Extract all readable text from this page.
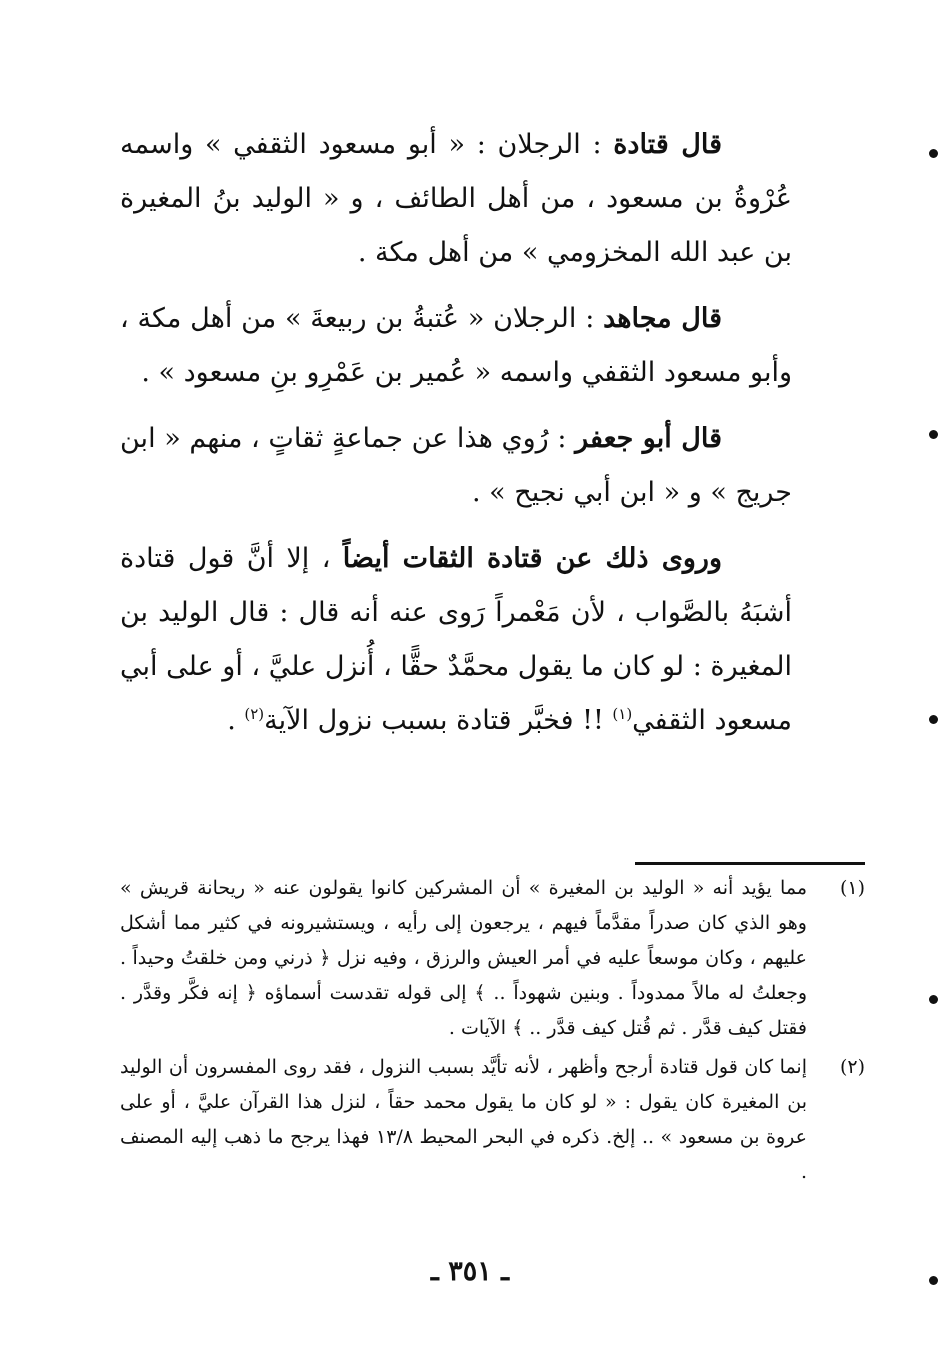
قال قتادة : الرجلان : « أبو مسعود الثقفي » واسمه عُرْوةُ بن مسعود ، من أهل الطائف ، و « الوليد بنُ المغيرة بن عبد الله المخزومي » من أهل مكة .

قال مجاهد : الرجلان « عُتبةُ بن ربيعةَ » من أهل مكة ، وأبو مسعود الثقفي واسمه « عُمير بن عَمْرِو بنِ مسعود » .

قال أبو جعفر : رُوي هذا عن جماعةٍ ثقاتٍ ، منهم « ابن جريج » و « ابن أبي نجيح » .

وروى ذلك عن قتادة الثقات أيضاً ، إلا أنَّ قول قتادة أشبَهُ بالصَّواب ، لأن مَعْمراً رَوى عنه أنه قال : قال الوليد بن المغيرة : لو كان ما يقول محمَّدٌ حقًّا ، أُنزل عليَّ ، أو على أبي مسعود الثقفي$^{(١)}$ !! فخبَّر قتادة بسبب نزول الآية$^{(٢)}$ .

(١)
مما يؤيد أنه « الوليد بن المغيرة » أن المشركين كانوا يقولون عنه « ريحانة قريش » وهو الذي كان صدراً مقدَّماً فيهم ، يرجعون إلى رأيه ، ويستشيرونه في كثير مما أشكل عليهم ، وكان موسعاً عليه في أمر العيش والرزق ، وفيه نزل ﴿ ذرني ومن خلقتُ وحيداً . وجعلتُ له مالاً ممدوداً . وبنين شهوداً .. ﴾ إلى قوله تقدست أسماؤه ﴿ إنه فكَّر وقدَّر . فقتل كيف قدَّر . ثم قُتل كيف قدَّر .. ﴾ الآيات .
(٢)
إنما كان قول قتادة أرجح وأظهر ، لأنه تأيَّد بسبب النزول ، فقد روى المفسرون أن الوليد بن المغيرة كان يقول : « لو كان ما يقول محمد حقاً ، لنزل هذا القرآن عليَّ ، أو على عروة بن مسعود » .. إلخ. ذكره في البحر المحيط ١٣/٨ فهذا يرجح ما ذهب إليه المصنف .
ـ ٣٥١ ـ
